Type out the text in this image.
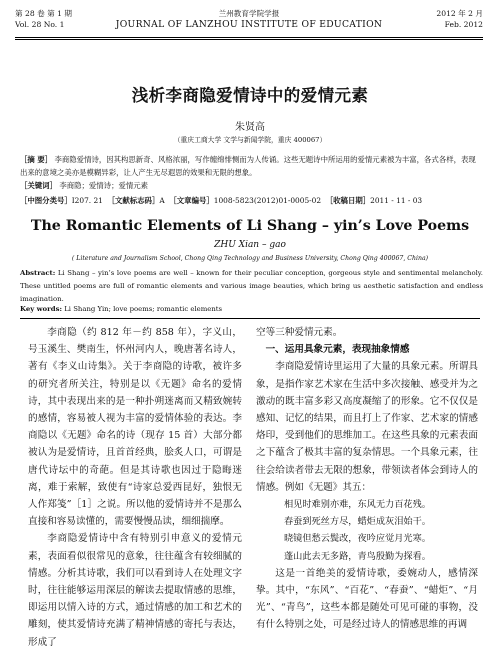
第 28 卷 第 1 期
Vol. 28 No. 1
兰州教育学院学报
JOURNAL OF LANZHOU INSTITUTE OF EDUCATION
2012 年 2 月
Feb. 2012
浅析李商隐爱情诗中的爱情元素
朱贤高
（重庆工商大学 文学与新闻学院，重庆 400067）
［摘 要］ 李商隐爱情诗，因其构思新奇、风格浓丽，写作缠绵悱恻而为人传诵。这些无题诗中所运用的爱情元素被为丰富，各式各样，表现出来的意境之美亦是模糊异彩，让人产生无尽遐思的效果和无限的想象。
［关键词］ 李商隐；爱情诗；爱情元素
［中图分类号］I207. 21 ［文献标志码］A ［文章编号］1008-5823(2012)01-0005-02 ［收稿日期］2011 - 11 - 03
The Romantic Elements of Li Shang – yin’s Love Poems
ZHU Xian – gao
( Literature and Journalism School, Chong Qing Technology and Business University, Chong Qing 400067, China)
Abstract: Li Shang – yin’s love poems are well – known for their peculiar conception, gorgeous style and sentimental melancholy. These untitled poems are full of romantic elements and various image beauties, which bring us aesthetic satisfaction and endless imagination.
Key words: Li Shang Yin; love poems; romantic elements

李商隐（约 812 年－约 858 年），字义山，号玉溪生、樊南生，怀州河内人，晚唐著名诗人，著有《李义山诗集》。关于李商隐的诗歌，被许多的研究者所关注，特别是以《无题》命名的爱情诗，其中表现出来的是一种扑朔迷离而又精致婉转的感情，容易被人视为丰富的爱情体验的表达。李商隐以《无题》命名的诗（现存 15 首）大部分都被认为是爱情诗，且首首经典，脍炙人口，可谓是唐代诗坛中的奇葩。但是其诗歌也因过于隐晦迷离，难于索解，致使有“诗家总爱西昆好，独恨无人作郑笺”［1］之说。所以他的爱情诗并不是那么直接和容易读懂的，需要慢慢品读，细细揣摩。

李商隐爱情诗中含有特别引申意义的爱情元素，表面看似很常见的意象，往往蕴含有较细腻的情感。分析其诗歌，我们可以看到诗人在处理文字时，往往能够运用深层的解读去提取情感的思维，即运用以情入诗的方式，通过情感的加工和艺术的雕刻，使其爱情诗充满了精神情感的寄托与表达，形成了

空等三种爱情元素。

一、运用具象元素，表现抽象情感

李商隐爱情诗里运用了大量的具象元素。所谓具象，是指作家艺术家在生活中多次接触、感受并为之激动的既丰富多彩又高度凝缩了的形象。它不仅仅是感知、记忆的结果，而且打上了作家、艺术家的情感烙印，受到他们的思维加工。在这些具象的元素表面之下蕴含了极其丰富的复杂情思。一个具象元素，往往会给读者带去无限的想象，带领读者体会到诗人的情感。例如《无题》其五：

相见时难别亦难，东风无力百花残。

春蚕到死丝方尽，蜡炬成灰泪始干。

晓镜但愁云鬓改，夜吟应觉月光寒。

蓬山此去无多路，青鸟殷勤为探看。

这是一首绝美的爱情诗歌，委婉动人，感情深挚。其中，“东风”、“百花”、“春蚕”、“蜡炬”、“月光”、“青鸟”，这些本都是随处可见可碰的事物，没有什么特别之处，可是经过诗人的情感思维的再调
